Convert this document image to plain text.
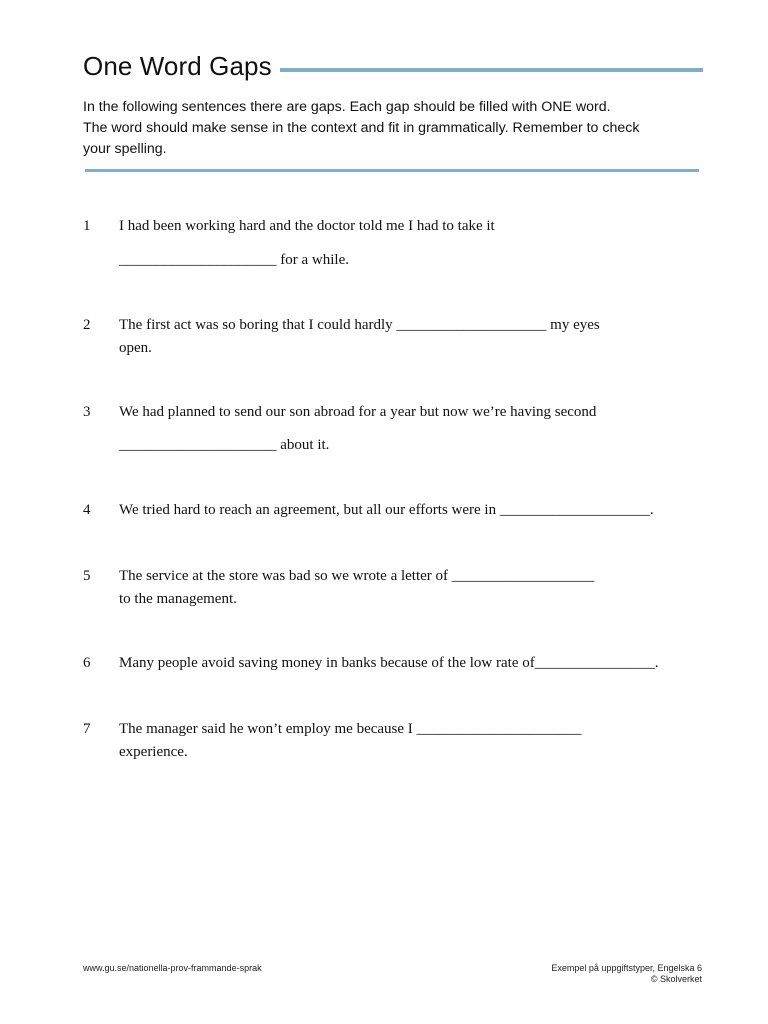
One Word Gaps
In the following sentences there are gaps. Each gap should be filled with ONE word.
The word should make sense in the context and fit in grammatically. Remember to check
your spelling.
1	I had been working hard and the doctor told me I had to take it
_____________________ for a while.
2	The first act was so boring that I could hardly ____________________ my eyes
open.
3	We had planned to send our son abroad for a year but now we’re having second
_____________________ about it.
4	We tried hard to reach an agreement, but all our efforts were in ____________________.
5	The service at the store was bad so we wrote a letter of ___________________
to the management.
6	Many people avoid saving money in banks because of the low rate of________________.
7	The manager said he won’t employ me because I ______________________
experience.
www.gu.se/nationella-prov-frammande-sprak	Exempel på uppgiftstyper, Engelska 6
© Skolverket
